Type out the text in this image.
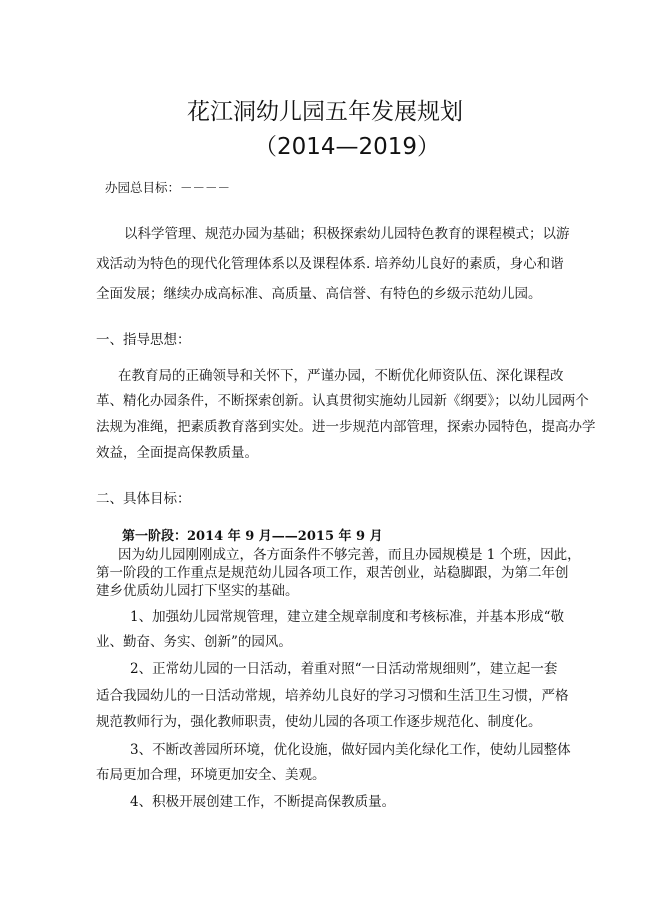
花江洞幼儿园五年发展规划
（2014—2019）
办园总目标：－－－－
以科学管理、规范办园为基础；积极探索幼儿园特色教育的课程模式；以游
戏活动为特色的现代化管理体系以及课程体系. 培养幼儿良好的素质，身心和谐
全面发展；继续办成高标准、高质量、高信誉、有特色的乡级示范幼儿园。
一、指导思想：
在教育局的正确领导和关怀下，严谨办园，不断优化师资队伍、深化课程改
革、精化办园条件，不断探索创新。认真贯彻实施幼儿园新《纲要》；以幼儿园两个
法规为准绳，把素质教育落到实处。进一步规范内部管理，探索办园特色，提高办学
效益，全面提高保教质量。
二、具体目标：
第一阶段：2014 年 9 月——2015 年 9 月
因为幼儿园刚刚成立，各方面条件不够完善，而且办园规模是 1 个班，因此，
第一阶段的工作重点是规范幼儿园各项工作，艰苦创业，站稳脚跟，为第二年创
建乡优质幼儿园打下坚实的基础。
1、加强幼儿园常规管理，建立建全规章制度和考核标准，并基本形成“敬
业、勤奋、务实、创新”的园风。
2、正常幼儿园的一日活动，着重对照“一日活动常规细则”，建立起一套
适合我园幼儿的一日活动常规，培养幼儿良好的学习习惯和生活卫生习惯，严格
规范教师行为，强化教师职责，使幼儿园的各项工作逐步规范化、制度化。
3、不断改善园所环境，优化设施，做好园内美化绿化工作，使幼儿园整体
布局更加合理，环境更加安全、美观。
4、积极开展创建工作，不断提高保教质量。
